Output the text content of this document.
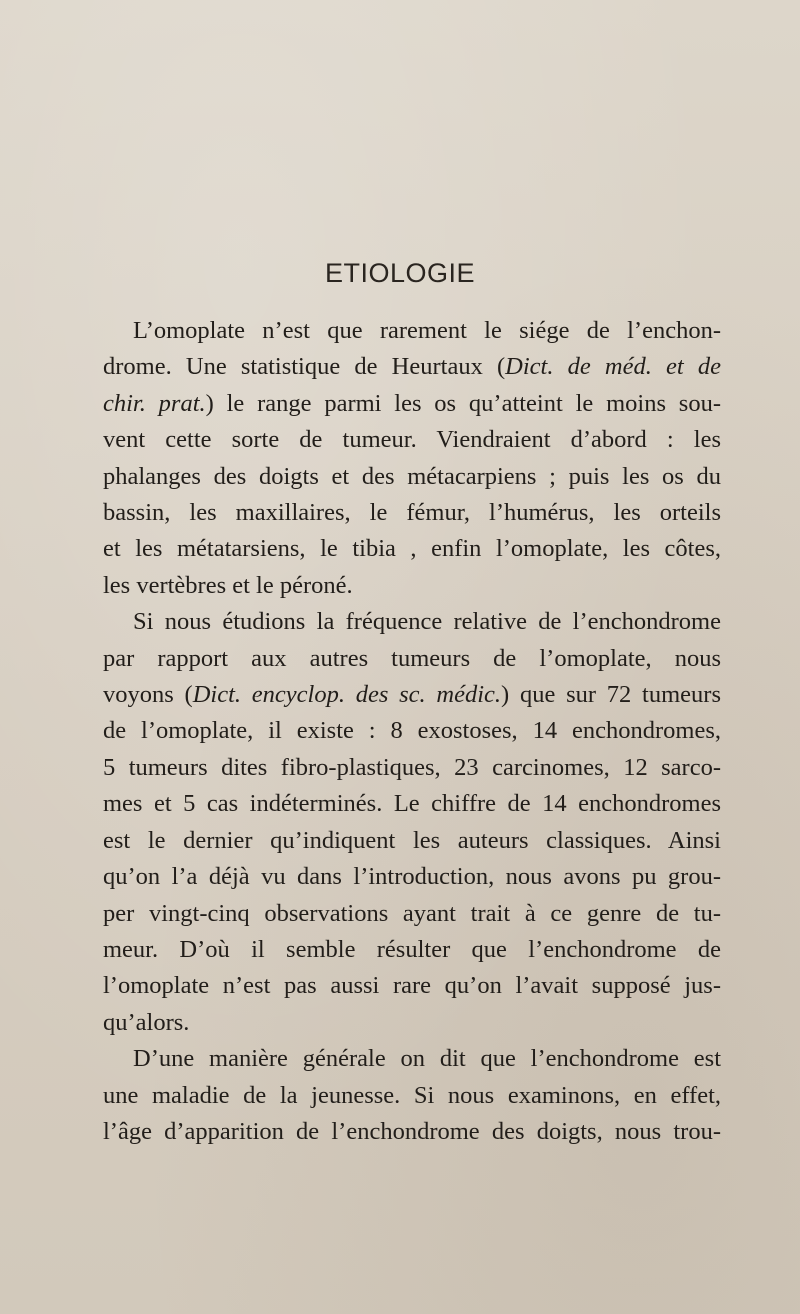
ETIOLOGIE
L’omoplate n’est que rarement le siége de l’enchon-
drome. Une statistique de Heurtaux (Dict. de méd. et de
chir. prat.) le range parmi les os qu’atteint le moins sou-
vent cette sorte de tumeur. Viendraient d’abord : les
phalanges des doigts et des métacarpiens ; puis les os du
bassin, les maxillaires, le fémur, l’humérus, les orteils
et les métatarsiens, le tibia , enfin l’omoplate, les côtes,
les vertèbres et le péroné.
Si nous étudions la fréquence relative de l’enchondrome
par rapport aux autres tumeurs de l’omoplate, nous
voyons (Dict. encyclop. des sc. médic.) que sur 72 tumeurs
de l’omoplate, il existe : 8 exostoses, 14 enchondromes,
5 tumeurs dites fibro-plastiques, 23 carcinomes, 12 sarco-
mes et 5 cas indéterminés. Le chiffre de 14 enchondromes
est le dernier qu’indiquent les auteurs classiques. Ainsi
qu’on l’a déjà vu dans l’introduction, nous avons pu grou-
per vingt-cinq observations ayant trait à ce genre de tu-
meur. D’où il semble résulter que l’enchondrome de
l’omoplate n’est pas aussi rare qu’on l’avait supposé jus-
qu’alors.
D’une manière générale on dit que l’enchondrome est
une maladie de la jeunesse. Si nous examinons, en effet,
l’âge d’apparition de l’enchondrome des doigts, nous trou-
